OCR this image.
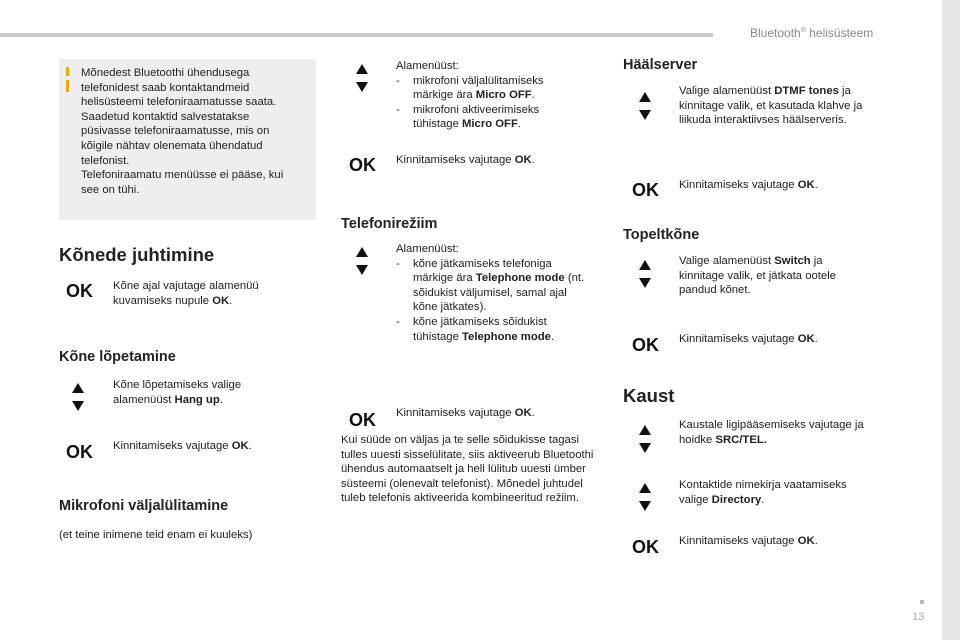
Bluetooth® helisüsteem
13
Mõnedest Bluetoothi ühendusega
telefonidest saab kontaktandmeid
helisüsteemi telefoniraamatusse saata.
Saadetud kontaktid salvestatakse
püsivasse telefoniraamatusse, mis on
kõigile nähtav olenemata ühendatud
telefonist.
Telefoniraamatu menüüsse ei pääse, kui
see on tühi.
Kõnede juhtimine
OK Kõne ajal vajutage alamenüü kuvamiseks nupule OK.
Kõne lõpetamine
Kõne lõpetamiseks valige alamenüüst Hang up.
OK Kinnitamiseks vajutage OK.
Mikrofoni väljalülitamine
(et teine inimene teid enam ei kuuleks)
Alamenüüst:
-	mikrofoni väljalülitamiseks märkige ära Micro OFF.
-	mikrofoni aktiveerimiseks tühistage Micro OFF.
OK Kinnitamiseks vajutage OK.
Telefonirežiim
Alamenüüst:
-	kõne jätkamiseks telefoniga märkige ära Telephone mode (nt. sõidukist väljumisel, samal ajal kõne jätkates).
-	kõne jätkamiseks sõidukist tühistage Telephone mode.
OK Kinnitamiseks vajutage OK.
Kui süüde on väljas ja te selle sõidukisse tagasi tulles uuesti sisselülitate, siis aktiveerub Bluetoothi ühendus automaatselt ja heli lülitub uuesti ümber süsteemi (olenevalt telefonist). Mõnedel juhtudel tuleb telefonis aktiveerida kombineeritud režiim.
Häälserver
Valige alamenüüst DTMF tones ja kinnitage valik, et kasutada klahve ja liikuda interaktiivses häälserveris.
OK Kinnitamiseks vajutage OK.
Topeltkõne
Valige alamenüüst Switch ja kinnitage valik, et jätkata ootele pandud kõnet.
OK Kinnitamiseks vajutage OK.
Kaust
Kaustale ligipääsemiseks vajutage ja hoidke SRC/TEL.
Kontaktide nimekirja vaatamiseks valige Directory.
OK Kinnitamiseks vajutage OK.
